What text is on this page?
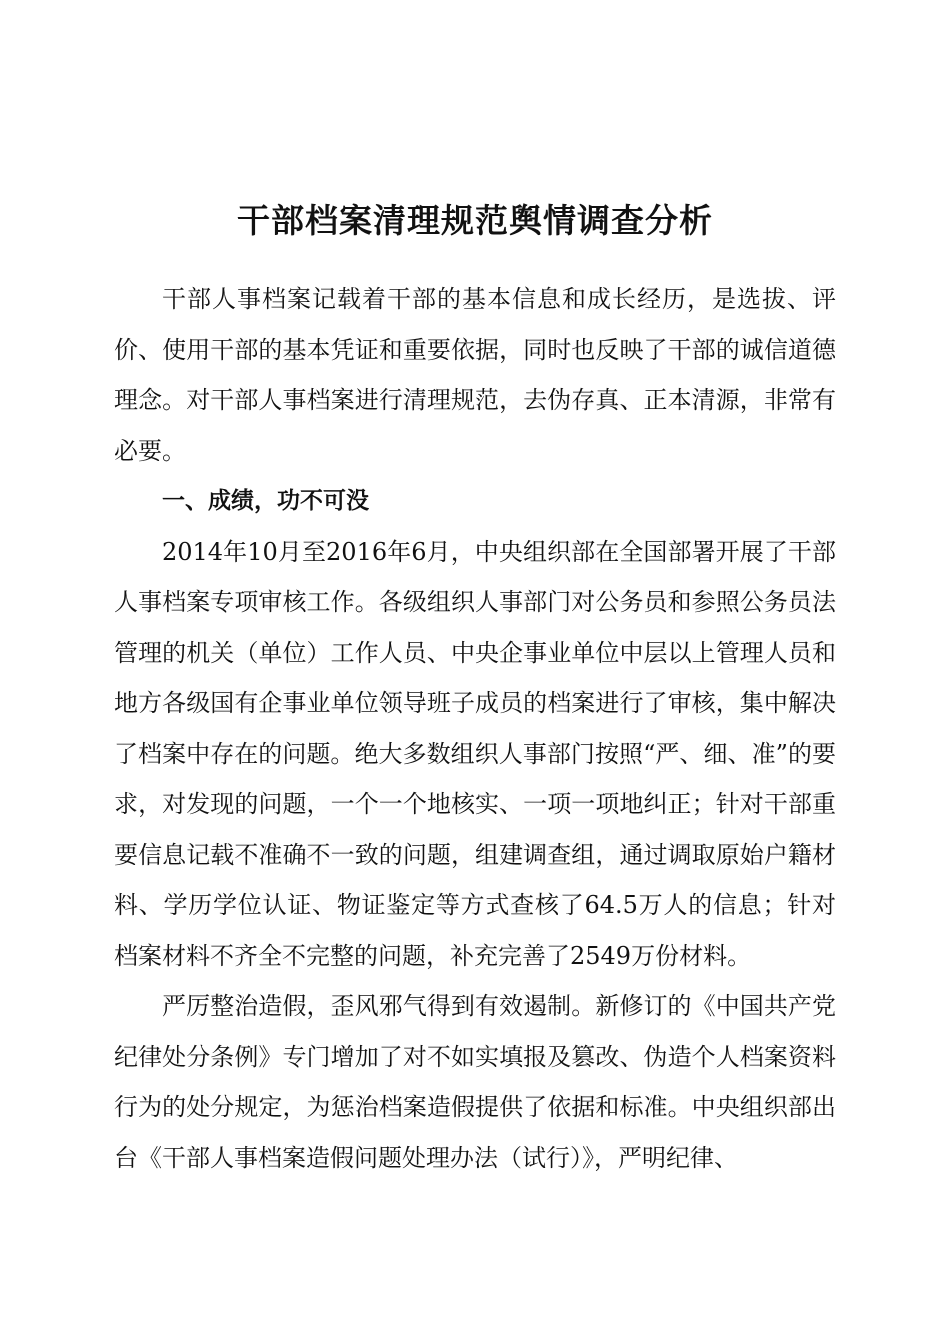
干部档案清理规范舆情调查分析

干部人事档案记载着干部的基本信息和成长经历，是选拔、评价、使用干部的基本凭证和重要依据，同时也反映了干部的诚信道德理念。对干部人事档案进行清理规范，去伪存真、正本清源，非常有必要。

一、成绩，功不可没

2014年10月至2016年6月，中央组织部在全国部署开展了干部人事档案专项审核工作。各级组织人事部门对公务员和参照公务员法管理的机关（单位）工作人员、中央企事业单位中层以上管理人员和地方各级国有企事业单位领导班子成员的档案进行了审核，集中解决了档案中存在的问题。绝大多数组织人事部门按照“严、细、准”的要求，对发现的问题，一个一个地核实、一项一项地纠正；针对干部重要信息记载不准确不一致的问题，组建调查组，通过调取原始户籍材料、学历学位认证、物证鉴定等方式查核了64.5万人的信息；针对档案材料不齐全不完整的问题，补充完善了2549万份材料。

严厉整治造假，歪风邪气得到有效遏制。新修订的《中国共产党纪律处分条例》专门增加了对不如实填报及篡改、伪造个人档案资料行为的处分规定，为惩治档案造假提供了依据和标准。中央组织部出台《干部人事档案造假问题处理办法（试行）》，严明纪律、
